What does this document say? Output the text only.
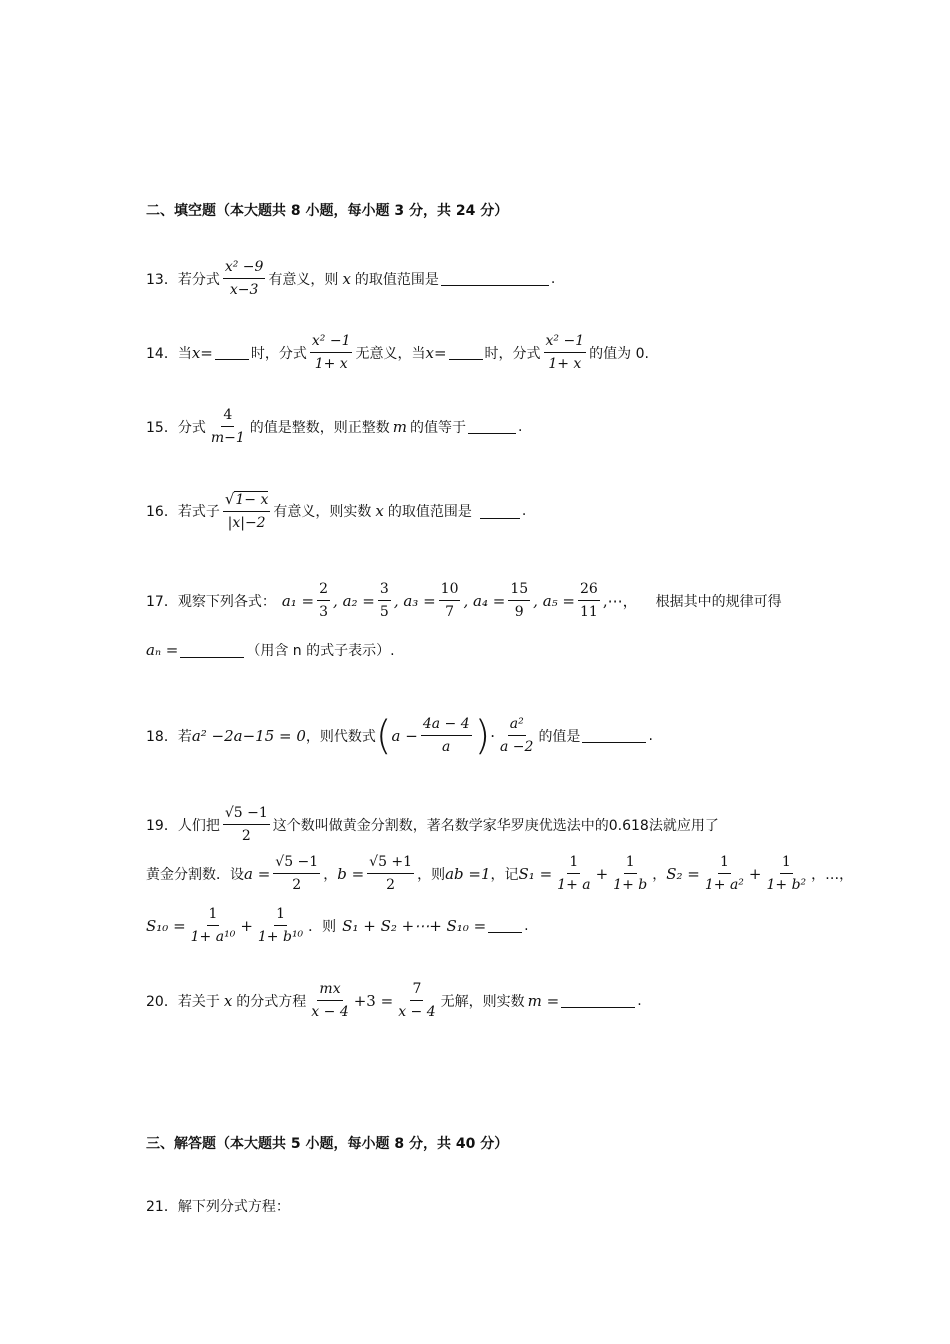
二、填空题（本大题共 8 小题，每小题 3 分，共 24 分）
13． 若分式 $\frac{\text{x² −9}}{x-3}$ 有意义，则 x 的取值范围是	.
14． 当 x =	时，分式 $\frac{\text{x² −1}}{1+ x}$ 无意义，当 x =	时，分式 $\frac{\text{x² −1}}{1+ x}$ 的值为 0.
15． 分式 $\frac{4}{m-1}$ 的值是整数，则正整数 m 的值等于	.
16． 若式子 $\frac{√1- x}{|x|-2}$ 有意义，则实数 x 的取值范围是	.
17． 观察下列各式： $a_1 = \frac{2}{3}$ , $a_2 = \frac{3}{5}$ , $a_3 = \frac{10}{7}$ , $a_4 = \frac{15}{9}$ , $a_5 = \frac{26}{11}$ ,⋯， 根据其中的规律可得
aₙ =	（用含 n 的式子表示）.
18． 若 a² −2a−15 = 0 ，则代数式 ( $a - \frac{4a - 4}{a}$ ) · $\frac{\text{a²}}{a -2}$ 的值是	.
19． 人们把 $\frac{√5 -1}{2}$ 这个数叫做黄金分割数，著名数学家华罗庚优选法中的0.618法就应用了
黄金分割数．设 $a = \frac{√5 -1}{2}$ ， $b = \frac{√5 +1}{2}$ ，则 ab =1 ，记 $S_1 = \frac{1}{1+ a} + \frac{1}{1+ b}$ ， $S_2 = \frac{1}{\text{1+ a²}} + \frac{1}{\text{1+ b²}}$ ，…，
$S_{10} = \frac{1}{\text{1+ a¹⁰}} + \frac{1}{\text{1+ b¹⁰}}$ ．则 S₁ + S₂ +⋯+ S₁₀ =	.
20． 若关于 x 的分式方程 $\frac{mx}{x - 4} +3 = \frac{7}{x - 4}$ 无解，则实数 m =	.
三、解答题（本大题共 5 小题，每小题 8 分，共 40 分）
21． 解下列分式方程：
